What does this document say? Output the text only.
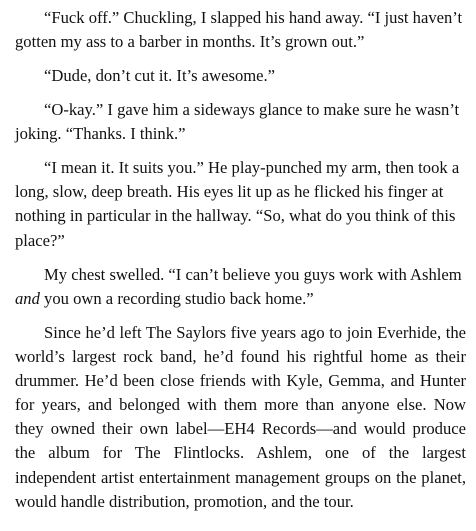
“Fuck off.” Chuckling, I slapped his hand away. “I just haven’t gotten my ass to a barber in months. It’s grown out.”

“Dude, don’t cut it. It’s awesome.”

“O-kay.” I gave him a sideways glance to make sure he wasn’t joking. “Thanks. I think.”

“I mean it. It suits you.” He play-punched my arm, then took a long, slow, deep breath. His eyes lit up as he flicked his finger at nothing in particular in the hallway. “So, what do you think of this place?”

My chest swelled. “I can’t believe you guys work with Ashlem and you own a recording studio back home.”

Since he’d left The Saylors five years ago to join Everhide, the world’s largest rock band, he’d found his rightful home as their drummer. He’d been close friends with Kyle, Gemma, and Hunter for years, and belonged with them more than anyone else. Now they owned their own label—EH4 Records—and would produce the album for The Flintlocks. Ashlem, one of the largest independent artist entertainment management groups on the planet, would handle distribution, promotion, and the tour.
